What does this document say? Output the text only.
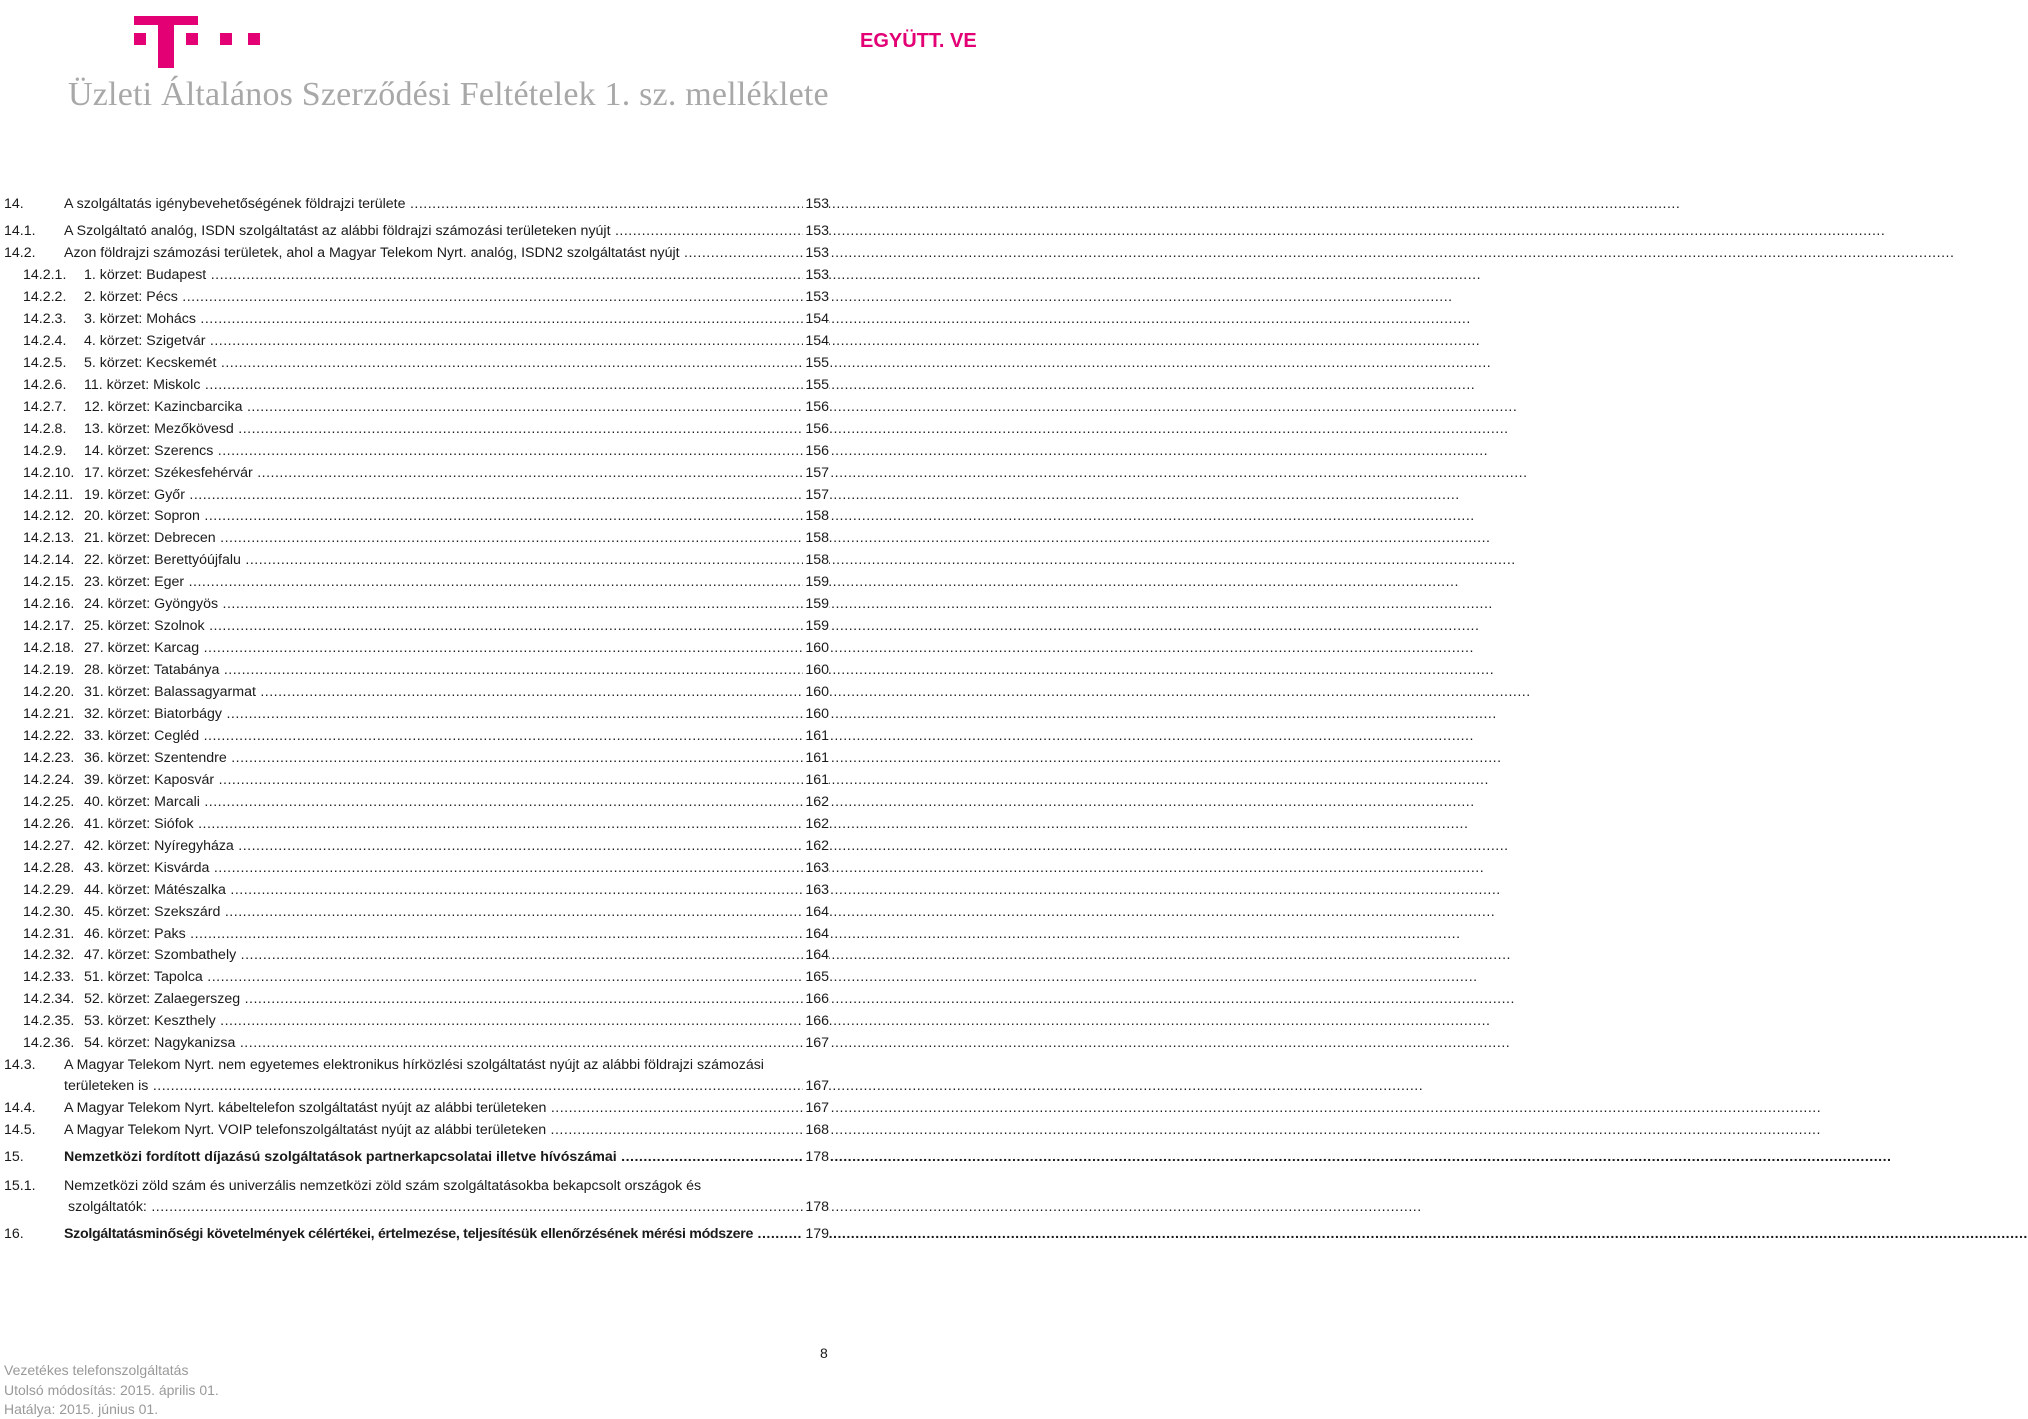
EGYÜTT. VE
Üzleti Általános Szerződési Feltételek 1. sz. melléklete
14.	A szolgáltatás igénybevehetőségének földrajzi területe .....	153
14.1. A Szolgáltató analóg, ISDN szolgáltatást az alábbi földrajzi számozási területeken nyújt .....	153
14.2. Azon földrajzi számozási területek, ahol a Magyar Telekom Nyrt. analóg, ISDN2 szolgáltatást nyújt .....	153
14.2.1. 1. körzet: Budapest .....	153
14.2.2. 2. körzet: Pécs .....	153
14.2.3. 3. körzet: Mohács .....	154
14.2.4. 4. körzet: Szigetvár .....	154
14.2.5. 5. körzet: Kecskemét .....	155
14.2.6. 11. körzet: Miskolc .....	155
14.2.7. 12. körzet: Kazincbarcika .....	156
14.2.8. 13. körzet: Mezőkövesd .....	156
14.2.9. 14. körzet: Szerencs .....	156
14.2.10. 17. körzet: Székesfehérvár .....	157
14.2.11. 19. körzet: Győr .....	157
14.2.12. 20. körzet: Sopron .....	158
14.2.13. 21. körzet: Debrecen .....	158
14.2.14. 22. körzet: Berettyóújfalu .....	158
14.2.15. 23. körzet: Eger .....	159
14.2.16. 24. körzet: Gyöngyös .....	159
14.2.17. 25. körzet: Szolnok .....	159
14.2.18. 27. körzet: Karcag .....	160
14.2.19. 28. körzet: Tatabánya .....	160
14.2.20. 31. körzet: Balassagyarmat .....	160
14.2.21. 32. körzet: Biatorbágy .....	160
14.2.22. 33. körzet: Cegléd .....	161
14.2.23. 36. körzet: Szentendre .....	161
14.2.24. 39. körzet: Kaposvár .....	161
14.2.25. 40. körzet: Marcali .....	162
14.2.26. 41. körzet: Siófok .....	162
14.2.27. 42. körzet: Nyíregyháza .....	162
14.2.28. 43. körzet: Kisvárda .....	163
14.2.29. 44. körzet: Mátészalka .....	163
14.2.30. 45. körzet: Szekszárd .....	164
14.2.31. 46. körzet: Paks .....	164
14.2.32. 47. körzet: Szombathely .....	164
14.2.33. 51. körzet: Tapolca .....	165
14.2.34. 52. körzet: Zalaegerszeg .....	166
14.2.35. 53. körzet: Keszthely .....	166
14.2.36. 54. körzet: Nagykanizsa .....	167
14.3. A Magyar Telekom Nyrt. nem egyetemes elektronikus hírközlési szolgáltatást nyújt az alábbi földrajzi számozási
területeken is .....	167
14.4. A Magyar Telekom Nyrt. kábeltelefon szolgáltatást nyújt az alábbi területeken .....	167
14.5. A Magyar Telekom Nyrt. VOIP telefonszolgáltatást nyújt az alábbi területeken .....	168
15.	Nemzetközi fordított díjazású szolgáltatások partnerkapcsolatai illetve hívószámai .....	178
15.1. Nemzetközi zöld szám és univerzális nemzetközi zöld szám szolgáltatásokba bekapcsolt országok és
szolgáltatók: .....	178
16.	Szolgáltatásminőségi követelmények célértékei, értelmezése, teljesítésük ellenőrzésének mérési módszere .....	179
8
Vezetékes telefonszolgáltatás
Utolsó módosítás: 2015. április 01.
Hatálya: 2015. június 01.
